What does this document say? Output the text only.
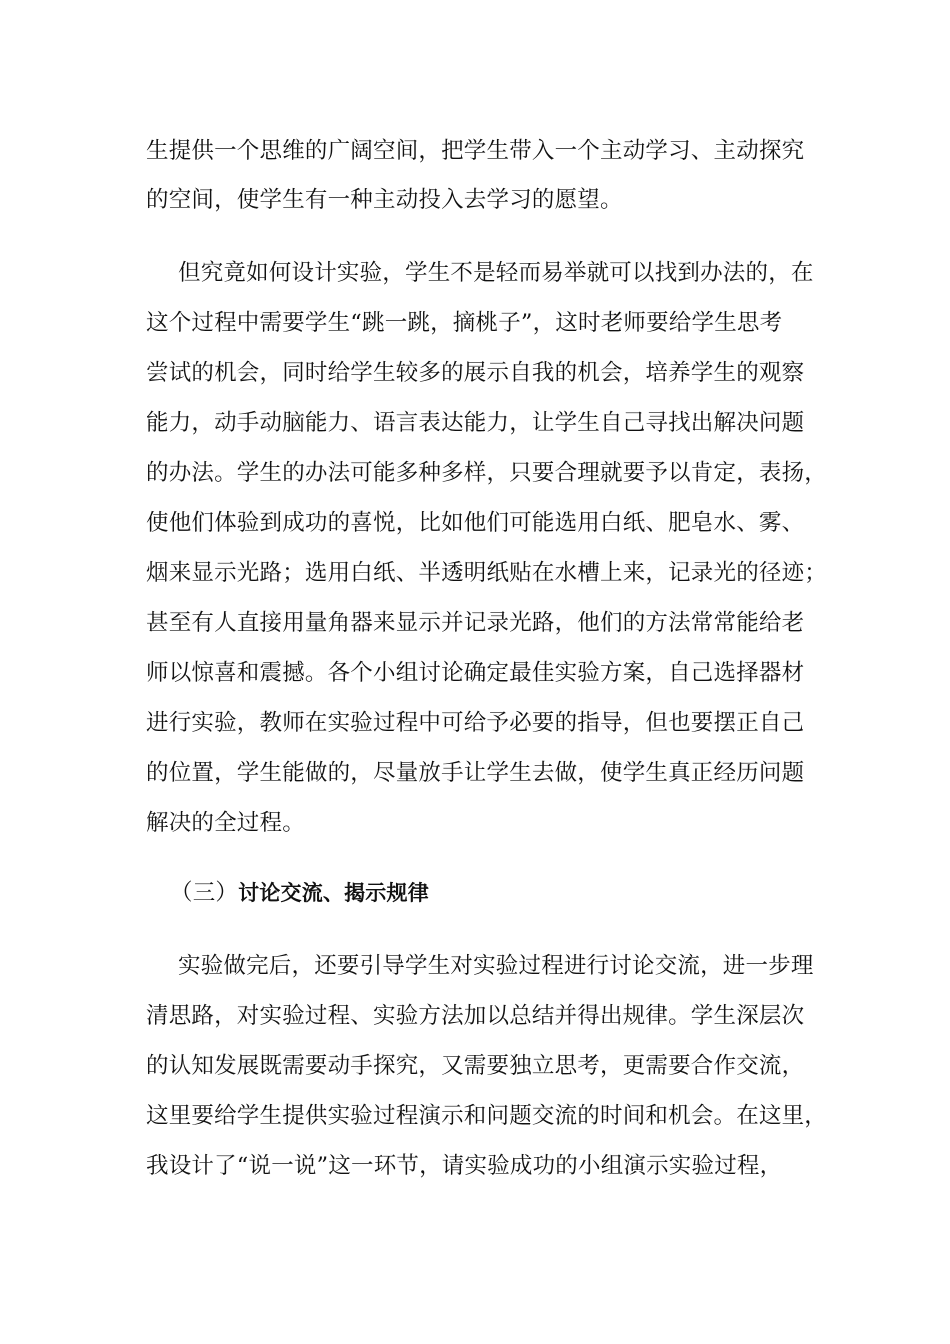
生提供一个思维的广阔空间，把学生带入一个主动学习、主动探究
的空间，使学生有一种主动投入去学习的愿望。
但究竟如何设计实验，学生不是轻而易举就可以找到办法的，在
这个过程中需要学生“跳一跳，摘桃子”，这时老师要给学生思考
尝试的机会，同时给学生较多的展示自我的机会，培养学生的观察
能力，动手动脑能力、语言表达能力，让学生自己寻找出解决问题
的办法。学生的办法可能多种多样，只要合理就要予以肯定，表扬，
使他们体验到成功的喜悦，比如他们可能选用白纸、肥皂水、雾、
烟来显示光路；选用白纸、半透明纸贴在水槽上来，记录光的径迹；
甚至有人直接用量角器来显示并记录光路，他们的方法常常能给老
师以惊喜和震撼。各个小组讨论确定最佳实验方案，自己选择器材
进行实验，教师在实验过程中可给予必要的指导，但也要摆正自己
的位置，学生能做的，尽量放手让学生去做，使学生真正经历问题
解决的全过程。
（三）讨论交流、揭示规律
实验做完后，还要引导学生对实验过程进行讨论交流，进一步理
清思路，对实验过程、实验方法加以总结并得出规律。学生深层次
的认知发展既需要动手探究，又需要独立思考，更需要合作交流，
这里要给学生提供实验过程演示和问题交流的时间和机会。在这里，
我设计了“说一说”这一环节，请实验成功的小组演示实验过程，
